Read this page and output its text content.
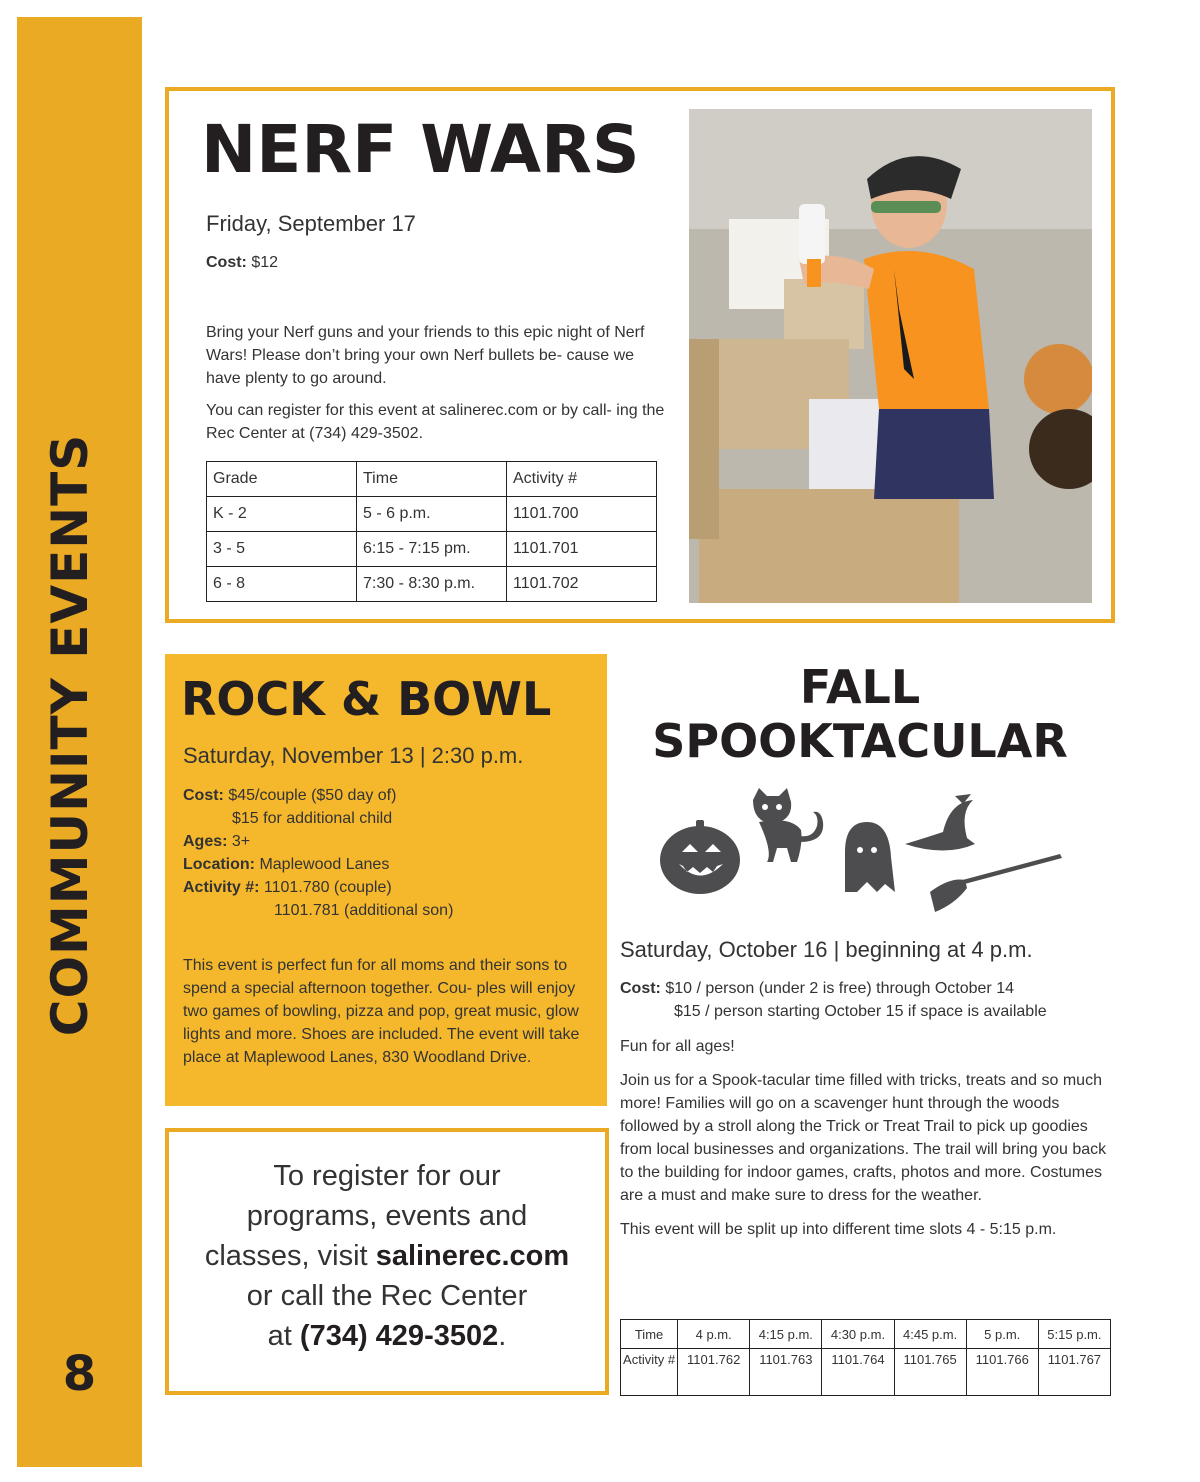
COMMUNITY EVENTS
8
NERF WARS
Friday, September 17
Cost: $12

Bring your Nerf guns and your friends to this epic night of Nerf Wars! Please don’t bring your own Nerf bullets be- cause we have plenty to go around.

You can register for this event at salinerec.com or by call- ing the Rec Center at (734) 429-3502.

Grade	Time	Activity #
K - 2	5 - 6 p.m.	1101.700
3 - 5	6:15 - 7:15 pm.	1101.701
6 - 8	7:30 - 8:30 p.m.	1101.702
ROCK & BOWL
Saturday, November 13 | 2:30 p.m.
Cost: $45/couple ($50 day of)
$15 for additional child
Ages: 3+
Location: Maplewood Lanes
Activity #: 1101.780 (couple)
1101.781 (additional son)
This event is perfect fun for all moms and their sons to spend a special afternoon together. Cou- ples will enjoy two games of bowling, pizza and pop, great music, glow lights and more. Shoes are included. The event will take place at Maplewood Lanes, 830 Woodland Drive.
To register for our
programs, events and
classes, visit salinerec.com
or call the Rec Center
at (734) 429-3502.
FALL
SPOOKTACULAR
Saturday, October 16 | beginning at 4 p.m.
Cost: $10 / person (under 2 is free) through October 14
$15 / person starting October 15 if space is available

Fun for all ages!

Join us for a Spook-tacular time filled with tricks, treats and so much more! Families will go on a scavenger hunt through the woods followed by a stroll along the Trick or Treat Trail to pick up goodies from local businesses and organizations. The trail will bring you back to the building for indoor games, crafts, photos and more. Costumes are a must and make sure to dress for the weather.

This event will be split up into different time slots 4 - 5:15 p.m.

Time	4 p.m.	4:15 p.m.	4:30 p.m.	4:45 p.m.	5 p.m.	5:15 p.m.
Activity #	1101.762	1101.763	1101.764	1101.765	1101.766	1101.767
